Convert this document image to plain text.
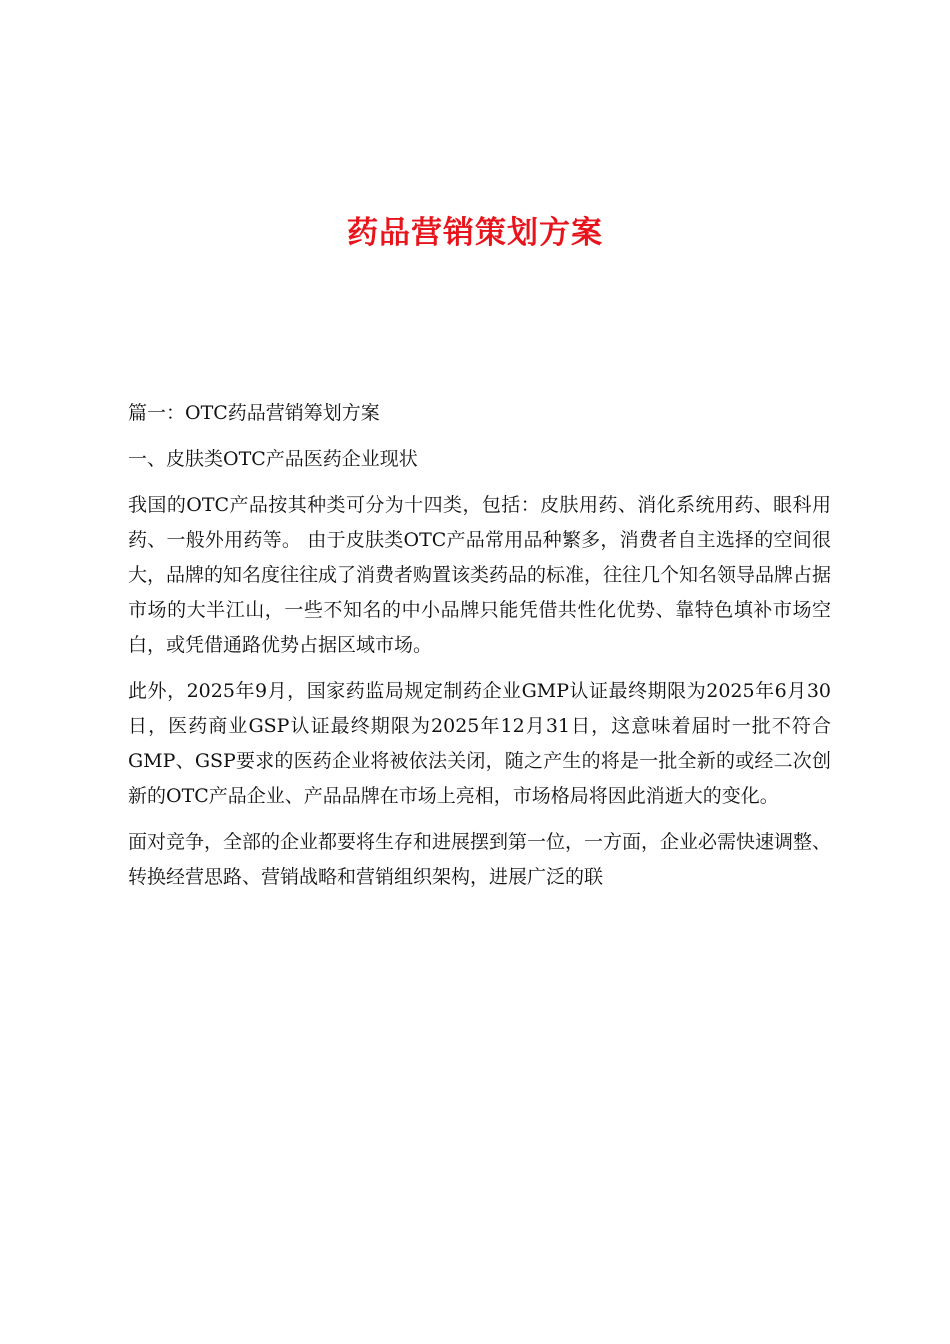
药品营销策划方案

篇一：OTC药品营销筹划方案

一、皮肤类OTC产品医药企业现状

我国的OTC产品按其种类可分为十四类，包括：皮肤用药、消化系统用药、眼科用药、一般外用药等。 由于皮肤类OTC产品常用品种繁多，消费者自主选择的空间很大，品牌的知名度往往成了消费者购置该类药品的标准，往往几个知名领导品牌占据市场的大半江山，一些不知名的中小品牌只能凭借共性化优势、靠特色填补市场空白，或凭借通路优势占据区域市场。

此外，2025年9月，国家药监局规定制药企业GMP认证最终期限为2025年6月30日，医药商业GSP认证最终期限为2025年12月31日，这意味着届时一批不符合GMP、GSP要求的医药企业将被依法关闭，随之产生的将是一批全新的或经二次创新的OTC产品企业、产品品牌在市场上亮相，市场格局将因此消逝大的变化。

面对竞争，全部的企业都要将生存和进展摆到第一位，一方面，企业必需快速调整、转换经营思路、营销战略和营销组织架构，进展广泛的联
